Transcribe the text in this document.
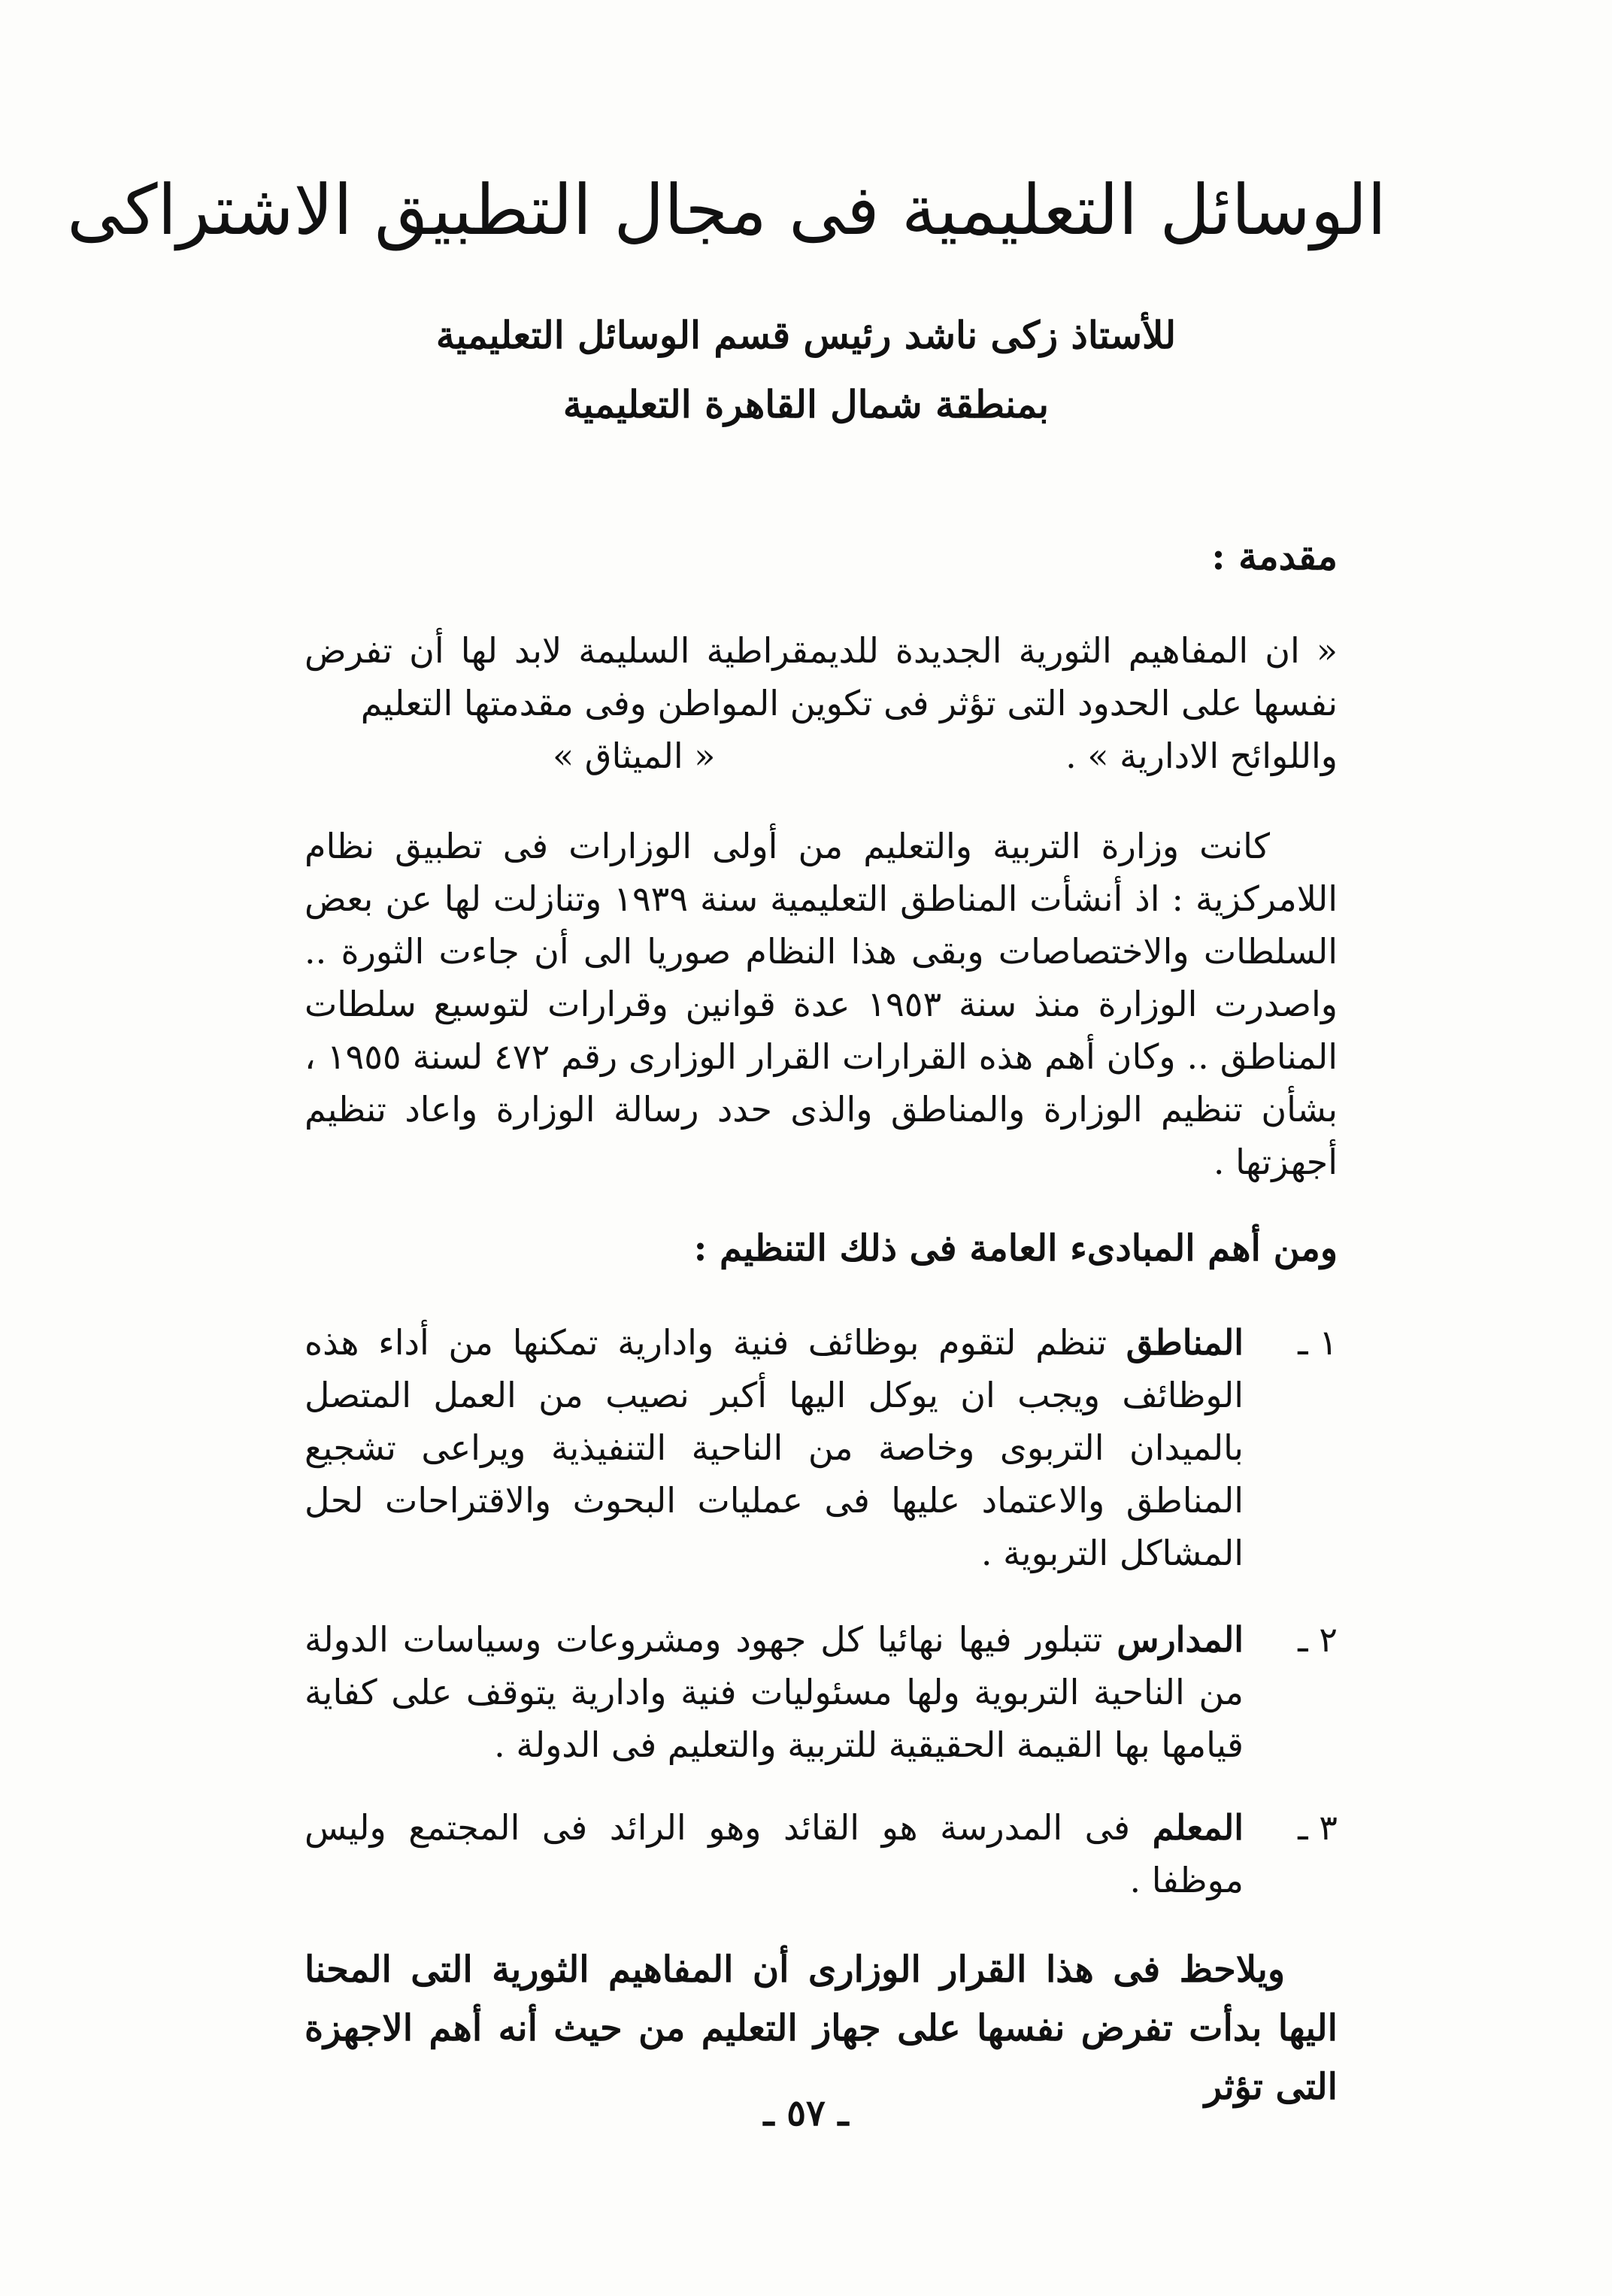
الوسائل التعليمية فى مجال التطبيق الاشتراكى
للأستاذ زكى ناشد رئيس قسم الوسائل التعليمية
بمنطقة شمال القاهرة التعليمية
مقدمة :

« ان المفاهيم الثورية الجديدة للديمقراطية السليمة لابد لها أن تفرض نفسها على الحدود التى تؤثر فى تكوين المواطن وفى مقدمتها التعليم

واللوائح الادارية » .
« الميثاق »

كانت وزارة التربية والتعليم من أولى الوزارات فى تطبيق نظام اللامركزية : اذ أنشأت المناطق التعليمية سنة ١٩٣٩ وتنازلت لها عن بعض السلطات والاختصاصات وبقى هذا النظام صوريا الى أن جاءت الثورة .. واصدرت الوزارة منذ سنة ١٩٥٣ عدة قوانين وقرارات لتوسيع سلطات المناطق .. وكان أهم هذه القرارات القرار الوزارى رقم ٤٧٢ لسنة ١٩٥٥ ، بشأن تنظيم الوزارة والمناطق والذى حدد رسالة الوزارة واعاد تنظيم أجهزتها .

ومن أهم المبادىء العامة فى ذلك التنظيم :
١ ـ
المناطق تنظم لتقوم بوظائف فنية وادارية تمكنها من أداء هذه الوظائف ويجب ان يوكل اليها أكبر نصيب من العمل المتصل بالميدان التربوى وخاصة من الناحية التنفيذية ويراعى تشجيع المناطق والاعتماد عليها فى عمليات البحوث والاقتراحات لحل المشاكل التربوية .
٢ ـ
المدارس تتبلور فيها نهائيا كل جهود ومشروعات وسياسات الدولة من الناحية التربوية ولها مسئوليات فنية وادارية يتوقف على كفاية قيامها بها القيمة الحقيقية للتربية والتعليم فى الدولة .
٣ ـ
المعلم فى المدرسة هو القائد وهو الرائد فى المجتمع وليس موظفا .
ويلاحظ فى هذا القرار الوزارى أن المفاهيم الثورية التى المحنا اليها بدأت تفرض نفسها على جهاز التعليم من حيث أنه أهم الاجهزة التى تؤثر
ـ ٥٧ ـ
